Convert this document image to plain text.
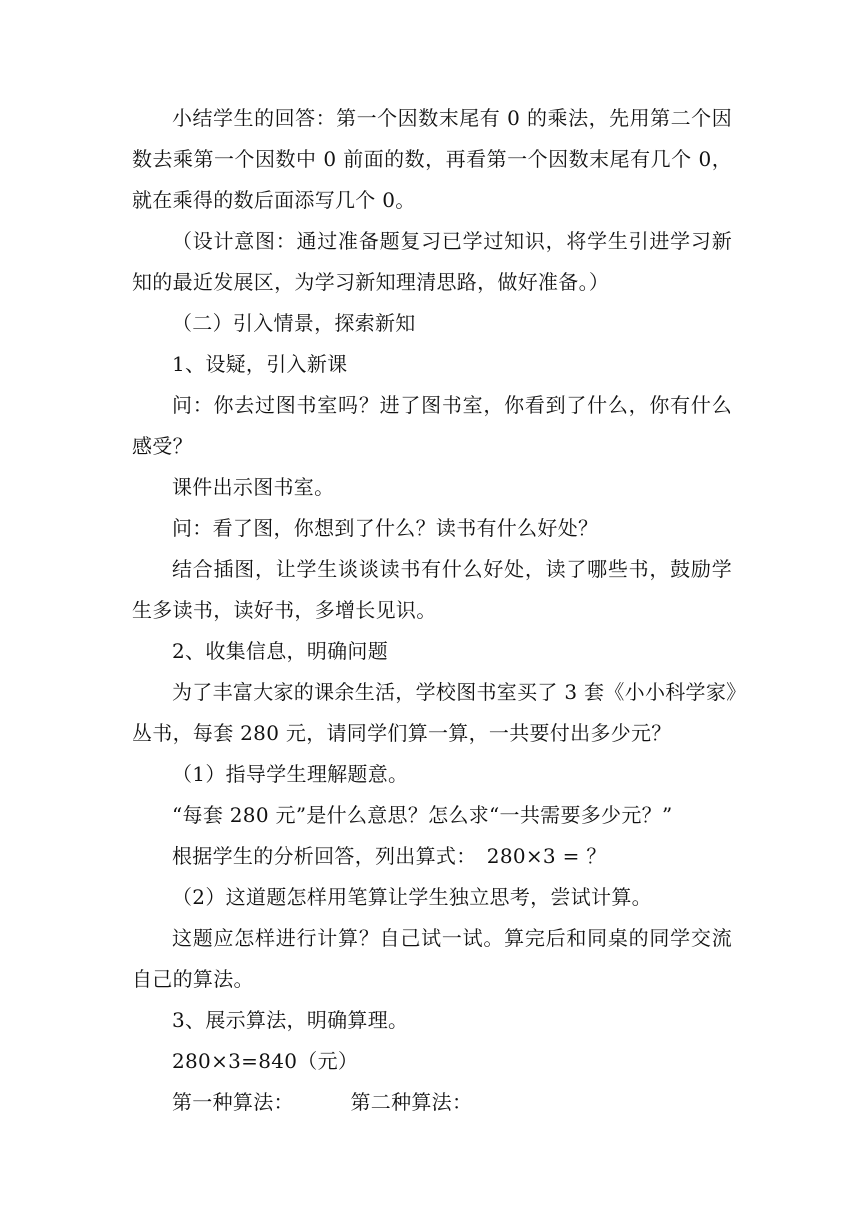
小结学生的回答：第一个因数末尾有 0 的乘法，先用第二个因
数去乘第一个因数中 0 前面的数，再看第一个因数末尾有几个 0，
就在乘得的数后面添写几个 0。
（设计意图：通过准备题复习已学过知识，将学生引进学习新
知的最近发展区，为学习新知理清思路，做好准备。）
（二）引入情景，探索新知
1、设疑，引入新课
问：你去过图书室吗？进了图书室，你看到了什么，你有什么
感受？
课件出示图书室。
问：看了图，你想到了什么？读书有什么好处？
结合插图，让学生谈谈读书有什么好处，读了哪些书，鼓励学
生多读书，读好书，多增长见识。
2、收集信息，明确问题
为了丰富大家的课余生活，学校图书室买了 3 套《小小科学家》
丛书，每套 280 元，请同学们算一算，一共要付出多少元？
（1）指导学生理解题意。
“每套 280 元”是什么意思？怎么求“一共需要多少元？”
根据学生的分析回答，列出算式：　280×3 = ？
（2）这道题怎样用笔算让学生独立思考，尝试计算。
这题应怎样进行计算？自己试一试。算完后和同桌的同学交流
自己的算法。
3、展示算法，明确算理。
280×3=840（元）
第一种算法：	第二种算法：
